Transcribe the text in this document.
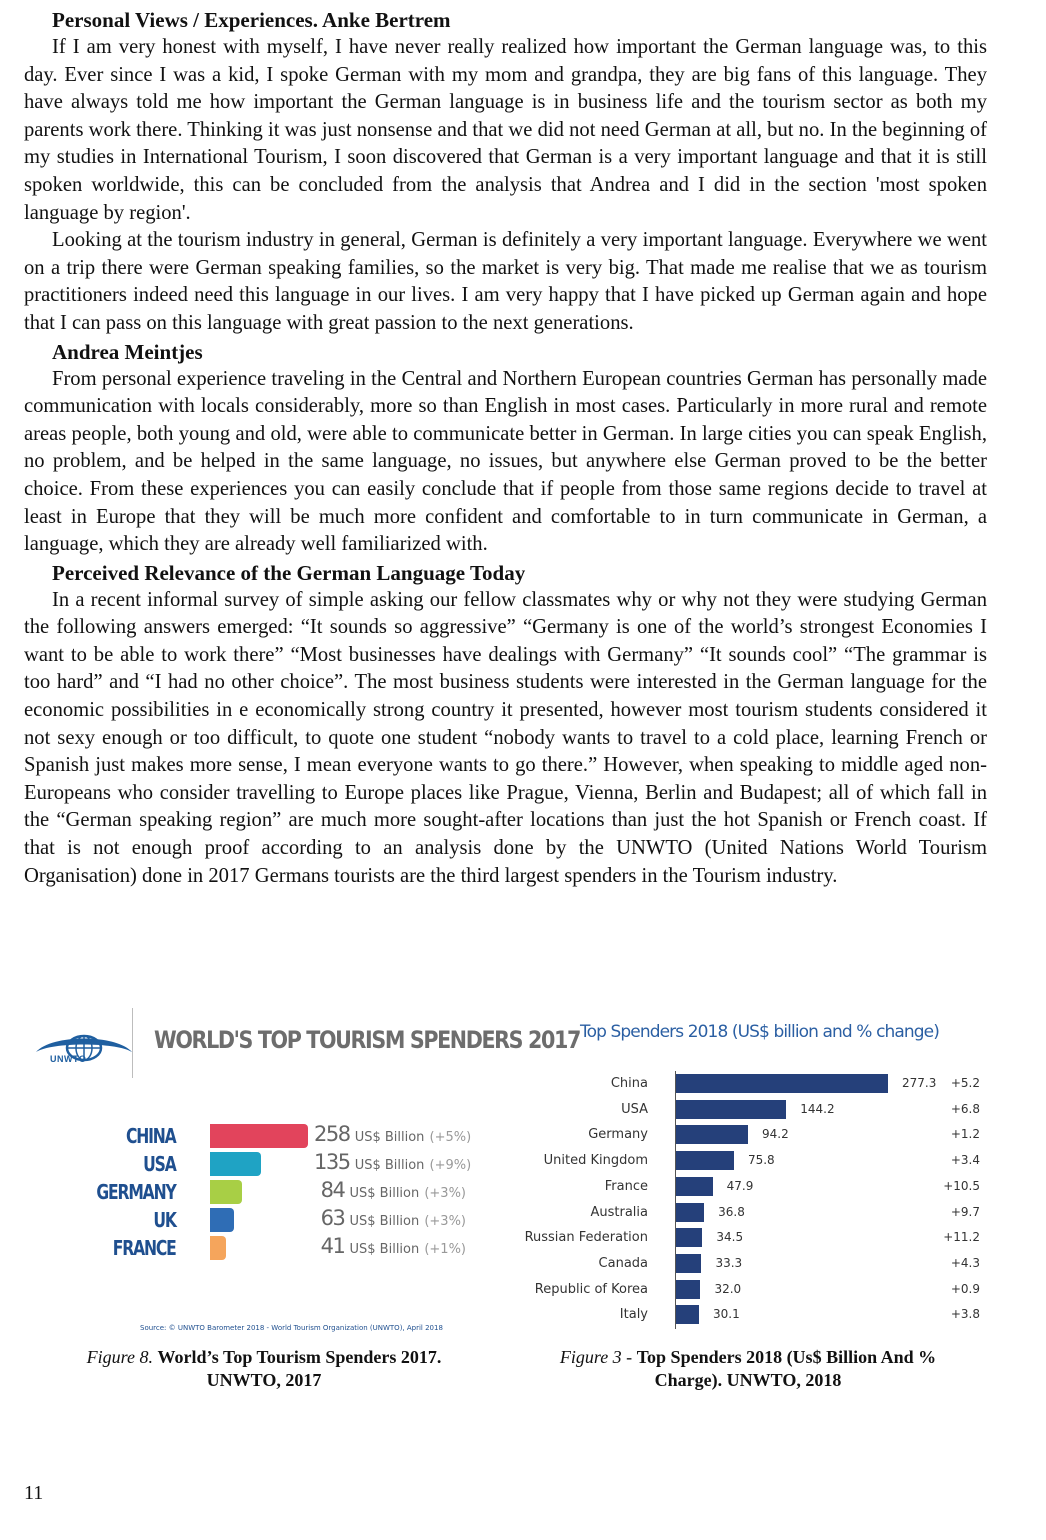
Personal Views / Experiences. Anke Bertrem

If I am very honest with myself, I have never really realized how important the German language was, to this day. Ever since I was a kid, I spoke German with my mom and grandpa, they are big fans of this language. They have always told me how important the German language is in business life and the tourism sector as both my parents work there. Thinking it was just nonsense and that we did not need German at all, but no. In the beginning of my studies in International Tourism, I soon discovered that German is a very important language and that it is still spoken worldwide, this can be concluded from the analysis that Andrea and I did in the section 'most spoken language by region'.

Looking at the tourism industry in general, German is definitely a very important language. Everywhere we went on a trip there were German speaking families, so the market is very big. That made me realise that we as tourism practitioners indeed need this language in our lives. I am very happy that I have picked up German again and hope that I can pass on this language with great passion to the next generations.

Andrea Meintjes

From personal experience traveling in the Central and Northern European countries German has personally made communication with locals considerably, more so than English in most cases. Particularly in more rural and remote areas people, both young and old, were able to communicate better in German. In large cities you can speak English, no problem, and be helped in the same language, no issues, but anywhere else German proved to be the better choice. From these experiences you can easily conclude that if people from those same regions decide to travel at least in Europe that they will be much more confident and comfortable to in turn communicate in German, a language, which they are already well familiarized with.

Perceived Relevance of the German Language Today

In a recent informal survey of simple asking our fellow classmates why or why not they were studying German the following answers emerged: “It sounds so aggressive” “Germany is one of the world’s strongest Economies I want to be able to work there” “Most businesses have dealings with Germany” “It sounds cool” “The grammar is too hard” and “I had no other choice”. The most business students were interested in the German language for the economic possibilities in e economically strong country it presented, however most tourism students considered it not sexy enough or too difficult, to quote one student “nobody wants to travel to a cold place, learning French or Spanish just makes more sense, I mean everyone wants to go there.” However, when speaking to middle aged non-Europeans who consider travelling to Europe places like Prague, Vienna, Berlin and Budapest; all of which fall in the “German speaking region” are much more sought-after locations than just the hot Spanish or French coast. If that is not enough proof according to an analysis done by the UNWTO (United Nations World Tourism Organisation) done in 2017 Germans tourists are the third largest spenders in the Tourism industry.

UNWTO
WORLD'S TOP TOURISM SPENDERS 2017
CHINA	258 US$ Billion (+5%)
USA	135 US$ Billion (+9%)
GERMANY	84 US$ Billion (+3%)
UK	63 US$ Billion (+3%)
FRANCE	41 US$ Billion (+1%)
Source: © UNWTO Barometer 2018 - World Tourism Organization (UNWTO), April 2018
Top Spenders 2018 (US$ billion and % change)
China	277.3 +5.2
USA	144.2	+6.8
Germany	94.2	+1.2
United Kingdom	75.8	+3.4
France	47.9	+10.5
Australia	36.8	+9.7
Russian Federation	34.5	+11.2
Canada	33.3	+4.3
Republic of Korea	32.0	+0.9
Italy	30.1	+3.8
Figure 8. World’s Top Tourism Spenders 2017.
UNWTO, 2017
Figure 3 - Top Spenders 2018 (Us$ Billion And %
Charge). UNWTO, 2018
11
